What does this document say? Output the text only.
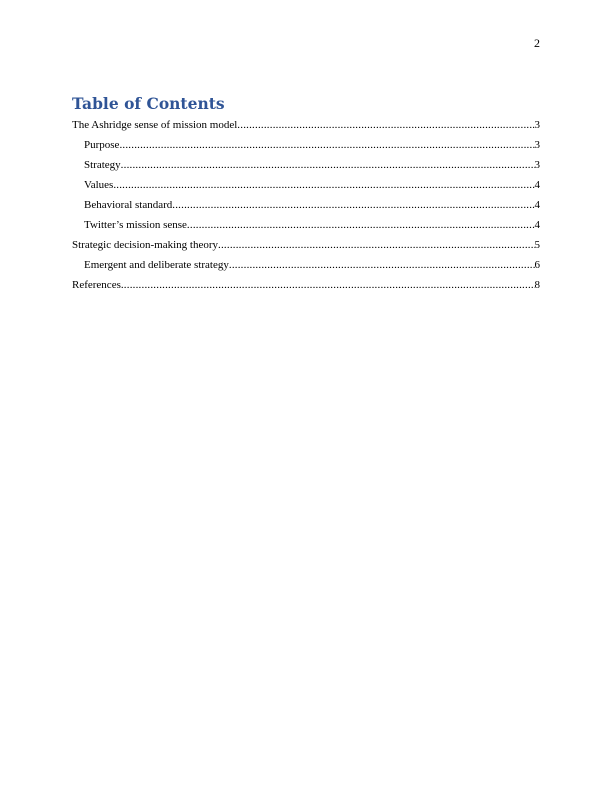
2
Table of Contents
The Ashridge sense of mission model .....	3
Purpose .....	3
Strategy .....	3
Values .....	4
Behavioral standard .....	4
Twitter’s mission sense .....	4
Strategic decision-making theory .....	5
Emergent and deliberate strategy .....	6
References .....	8
